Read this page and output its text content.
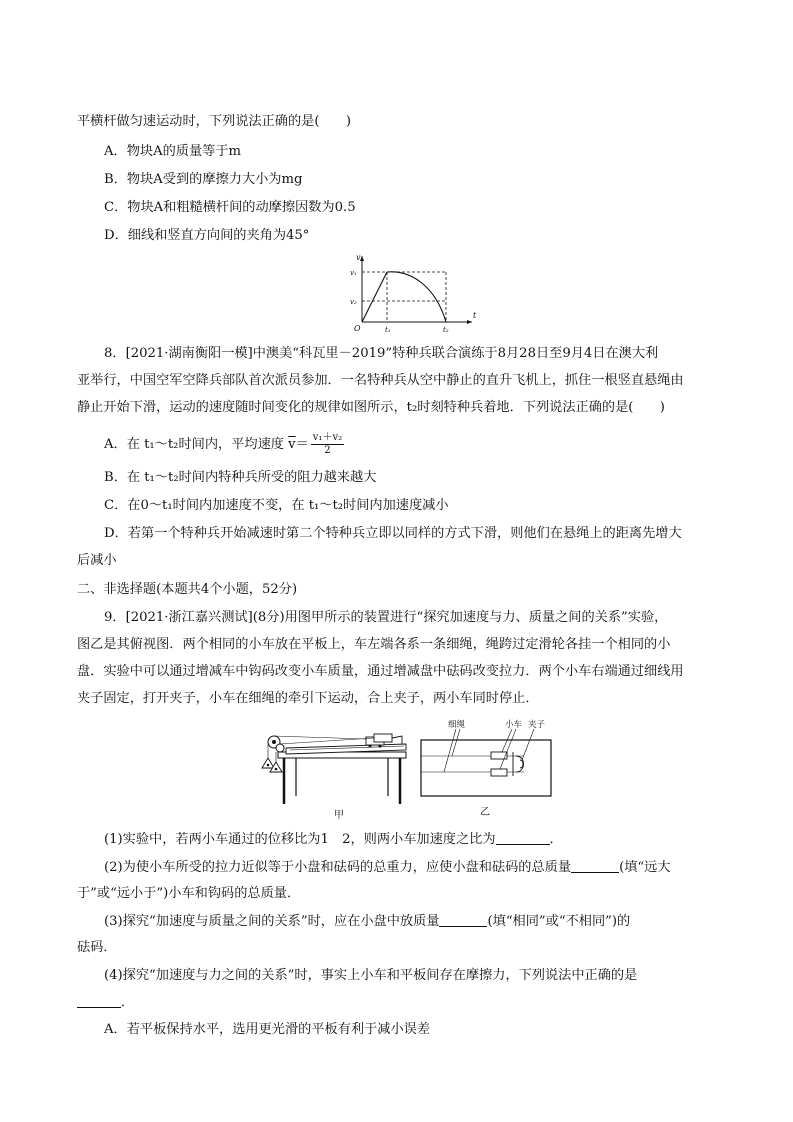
平横杆做匀速运动时，下列说法正确的是(　　)
A．物块A的质量等于m
B．物块A受到的摩擦力大小为mg
C．物块A和粗糙横杆间的动摩擦因数为0.5
D．细线和竖直方向间的夹角为45°
v
t
O
v₁
v₂
t₁	t₂
8．[2021·湖南衡阳一模]中澳美“科瓦里－2019”特种兵联合演练于8月28日至9月4日在澳大利
亚举行，中国空军空降兵部队首次派员参加．一名特种兵从空中静止的直升飞机上，抓住一根竖直悬绳由
静止开始下滑，运动的速度随时间变化的规律如图所示，t₂时刻特种兵着地．下列说法正确的是(　　)
A．在 t₁～t₂时间内，平均速度 $\overline{v}= \frac{\text{v₁＋v₂}}{2}$
B．在 t₁～t₂时间内特种兵所受的阻力越来越大
C．在0～t₁时间内加速度不变，在 t₁～t₂时间内加速度减小
D．若第一个特种兵开始减速时第二个特种兵立即以同样的方式下滑，则他们在悬绳上的距离先增大
后减小
二、非选择题(本题共4个小题，52分)
9．[2021·浙江嘉兴测试](8分)用图甲所示的装置进行“探究加速度与力、质量之间的关系”实验，
图乙是其俯视图．两个相同的小车放在平板上，车左端各系一条细绳，绳跨过定滑轮各挂一个相同的小
盘．实验中可以通过增减车中钩码改变小车质量，通过增减盘中砝码改变拉力．两个小车右端通过细线用
夹子固定，打开夹子，小车在细绳的牵引下运动，合上夹子，两小车同时停止．
甲
细绳	小车 夹子
乙
(1)实验中，若两小车通过的位移比为1　2，则两小车加速度之比为	．
(2)为使小车所受的拉力近似等于小盘和砝码的总重力，应使小盘和砝码的总质量	(填“远大
于”或“远小于”)小车和钩码的总质量．
(3)探究“加速度与质量之间的关系”时，应在小盘中放质量	(填“相同”或“不相同”)的
砝码．
(4)探究“加速度与力之间的关系”时，事实上小车和平板间存在摩擦力，下列说法中正确的是
．
A．若平板保持水平，选用更光滑的平板有利于减小误差
